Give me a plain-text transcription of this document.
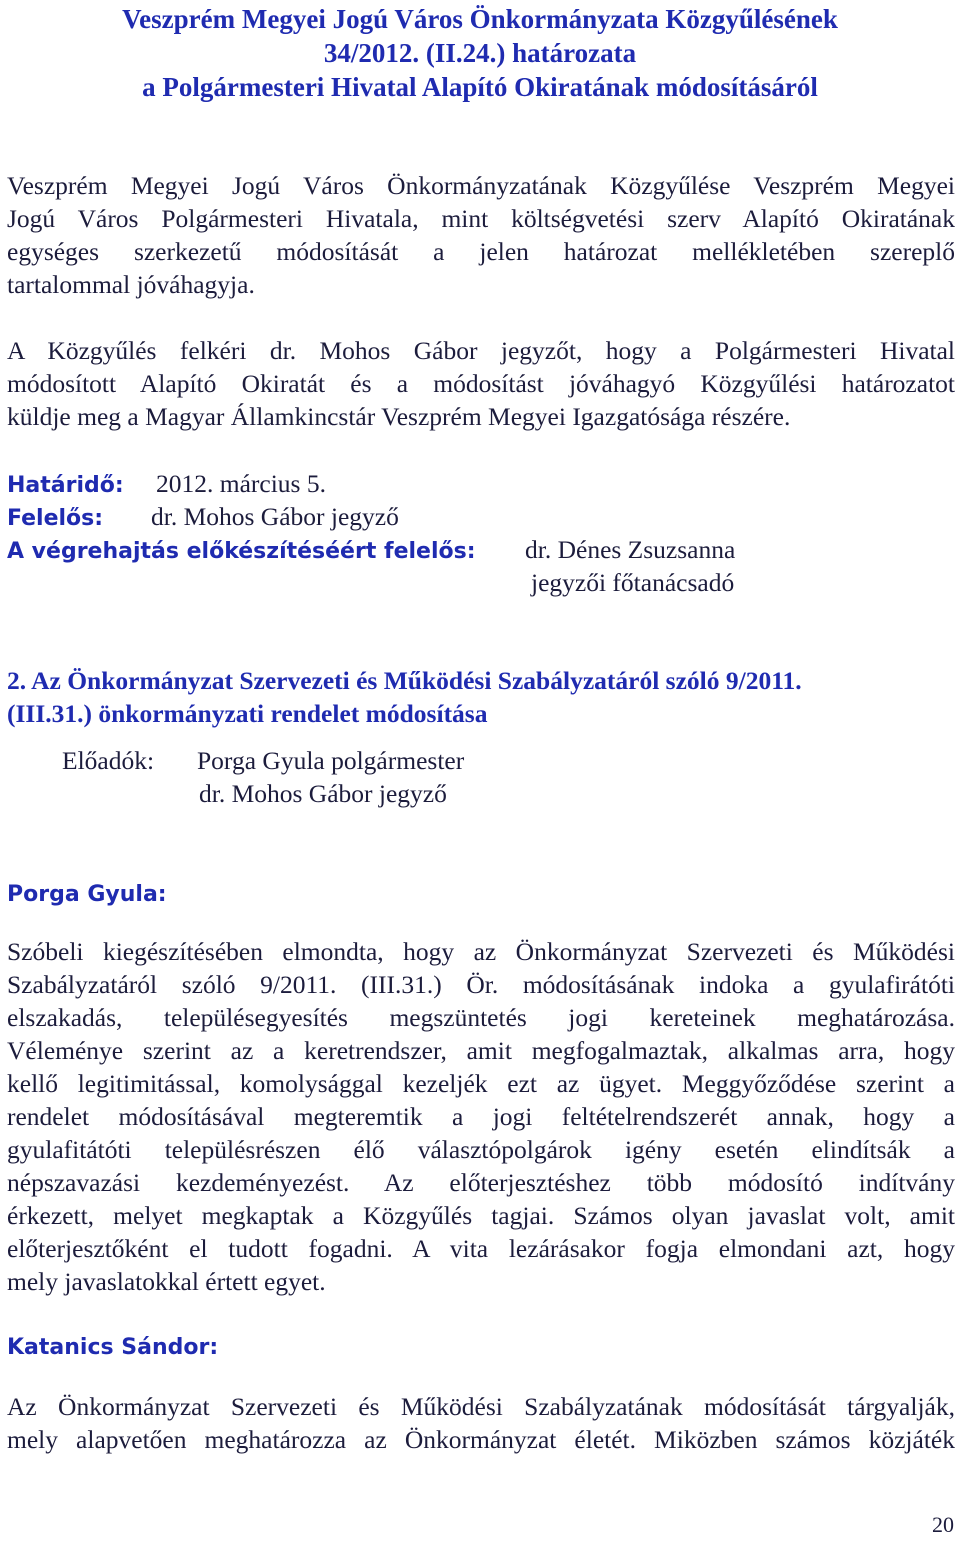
Veszprém Megyei Jogú Város Önkormányzata Közgyűlésének
34/2012. (II.24.) határozata
a Polgármesteri Hivatal Alapító Okiratának módosításáról
Veszprém Megyei Jogú Város Önkormányzatának Közgyűlése Veszprém Megyei
Jogú Város Polgármesteri Hivatala, mint költségvetési szerv Alapító Okiratának
egységes szerkezetű módosítását a jelen határozat mellékletében szereplő
tartalommal jóváhagyja.
A Közgyűlés felkéri dr. Mohos Gábor jegyzőt, hogy a Polgármesteri Hivatal
módosított Alapító Okiratát és a módosítást jóváhagyó Közgyűlési határozatot
küldje meg a Magyar Államkincstár Veszprém Megyei Igazgatósága részére.
Határidő: 2012. március 5.
Felelős: dr. Mohos Gábor jegyző
A végrehajtás előkészítéséért felelős: dr. Dénes Zsuzsanna
jegyzői főtanácsadó
2. Az Önkormányzat Szervezeti és Működési Szabályzatáról szóló 9/2011.
(III.31.) önkormányzati rendelet módosítása
Előadók: Porga Gyula polgármester
dr. Mohos Gábor jegyző
Porga Gyula:
Szóbeli kiegészítésében elmondta, hogy az Önkormányzat Szervezeti és Működési
Szabályzatáról szóló 9/2011. (III.31.) Ör. módosításának indoka a gyulafirátóti
elszakadás, településegyesítés megszüntetés jogi kereteinek meghatározása.
Véleménye szerint az a keretrendszer, amit megfogalmaztak, alkalmas arra, hogy
kellő legitimitással, komolysággal kezeljék ezt az ügyet. Meggyőződése szerint a
rendelet módosításával megteremtik a jogi feltételrendszerét annak, hogy a
gyulafitátóti településrészen élő választópolgárok igény esetén elindítsák a
népszavazási kezdeményezést. Az előterjesztéshez több módosító indítvány
érkezett, melyet megkaptak a Közgyűlés tagjai. Számos olyan javaslat volt, amit
előterjesztőként el tudott fogadni. A vita lezárásakor fogja elmondani azt, hogy
mely javaslatokkal értett egyet.
Katanics Sándor:
Az Önkormányzat Szervezeti és Működési Szabályzatának módosítását tárgyalják,
mely alapvetően meghatározza az Önkormányzat életét. Miközben számos közjáték
20
